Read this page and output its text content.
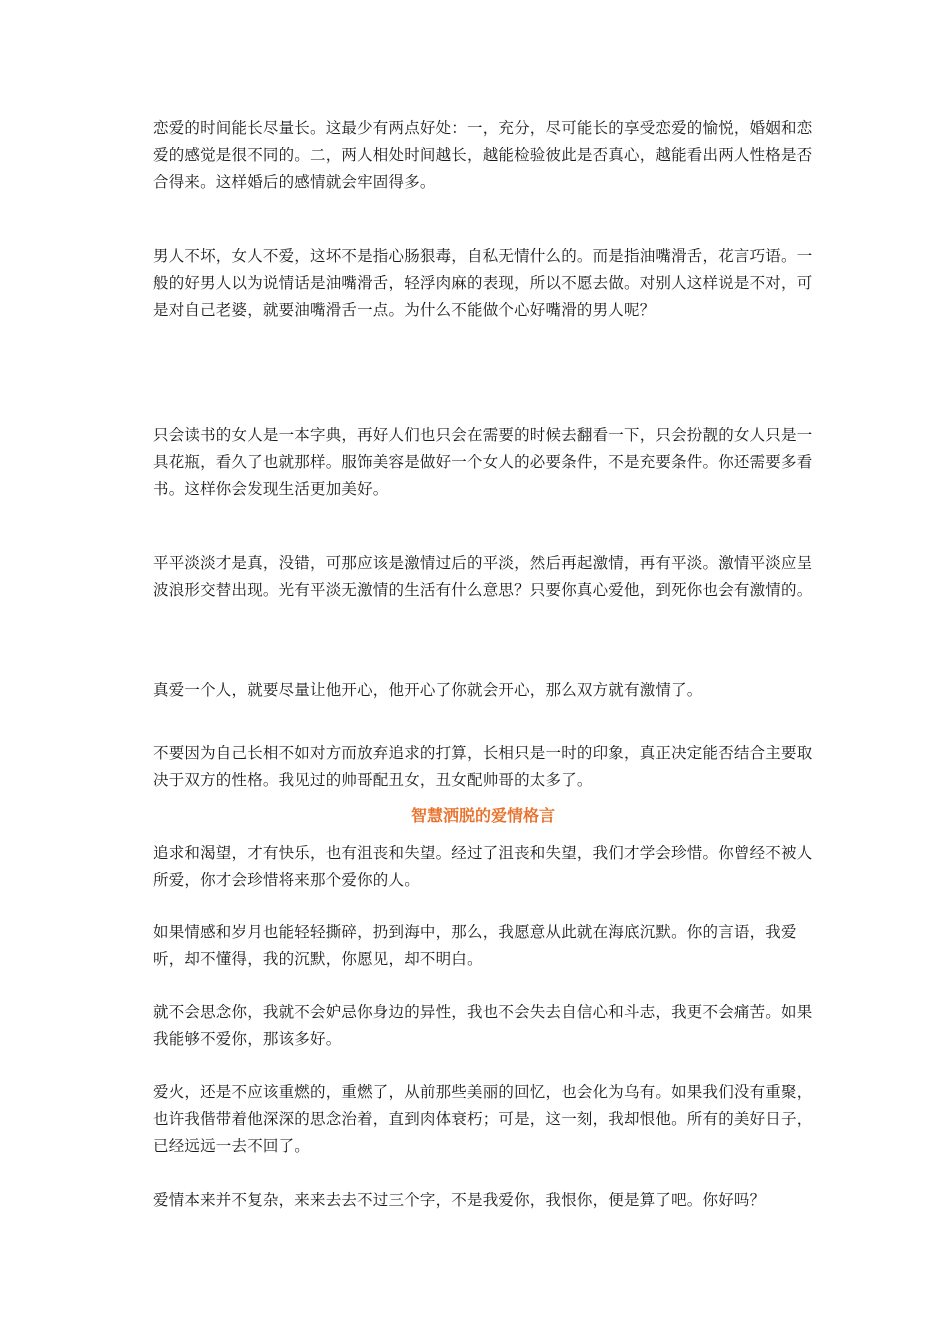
恋爱的时间能长尽量长。这最少有两点好处：一，充分，尽可能长的享受恋爱的愉悦，婚姻和恋爱的感觉是很不同的。二，两人相处时间越长，越能检验彼此是否真心，越能看出两人性格是否合得来。这样婚后的感情就会牢固得多。

男人不坏，女人不爱，这坏不是指心肠狠毒，自私无情什么的。而是指油嘴滑舌，花言巧语。一般的好男人以为说情话是油嘴滑舌，轻浮肉麻的表现，所以不愿去做。对别人这样说是不对，可是对自己老婆，就要油嘴滑舌一点。为什么不能做个心好嘴滑的男人呢？

只会读书的女人是一本字典，再好人们也只会在需要的时候去翻看一下，只会扮靓的女人只是一具花瓶，看久了也就那样。服饰美容是做好一个女人的必要条件，不是充要条件。你还需要多看书。这样你会发现生活更加美好。

平平淡淡才是真，没错，可那应该是激情过后的平淡，然后再起激情，再有平淡。激情平淡应呈波浪形交替出现。光有平淡无激情的生活有什么意思？只要你真心爱他，到死你也会有激情的。

真爱一个人，就要尽量让他开心，他开心了你就会开心，那么双方就有激情了。

不要因为自己长相不如对方而放弃追求的打算，长相只是一时的印象，真正决定能否结合主要取决于双方的性格。我见过的帅哥配丑女，丑女配帅哥的太多了。

智慧洒脱的爱情格言

追求和渴望，才有快乐，也有沮丧和失望。经过了沮丧和失望，我们才学会珍惜。你曾经不被人所爱，你才会珍惜将来那个爱你的人。

如果情感和岁月也能轻轻撕碎，扔到海中，那么，我愿意从此就在海底沉默。你的言语，我爱听，却不懂得，我的沉默，你愿见，却不明白。

就不会思念你，我就不会妒忌你身边的异性，我也不会失去自信心和斗志，我更不会痛苦。如果我能够不爱你，那该多好。

爱火，还是不应该重燃的，重燃了，从前那些美丽的回忆，也会化为乌有。如果我们没有重聚，也许我偕带着他深深的思念治着，直到肉体衰朽；可是，这一刻，我却恨他。所有的美好日子，已经远远一去不回了。

爱情本来并不复杂，来来去去不过三个字，不是我爱你，我恨你，便是算了吧。你好吗？
